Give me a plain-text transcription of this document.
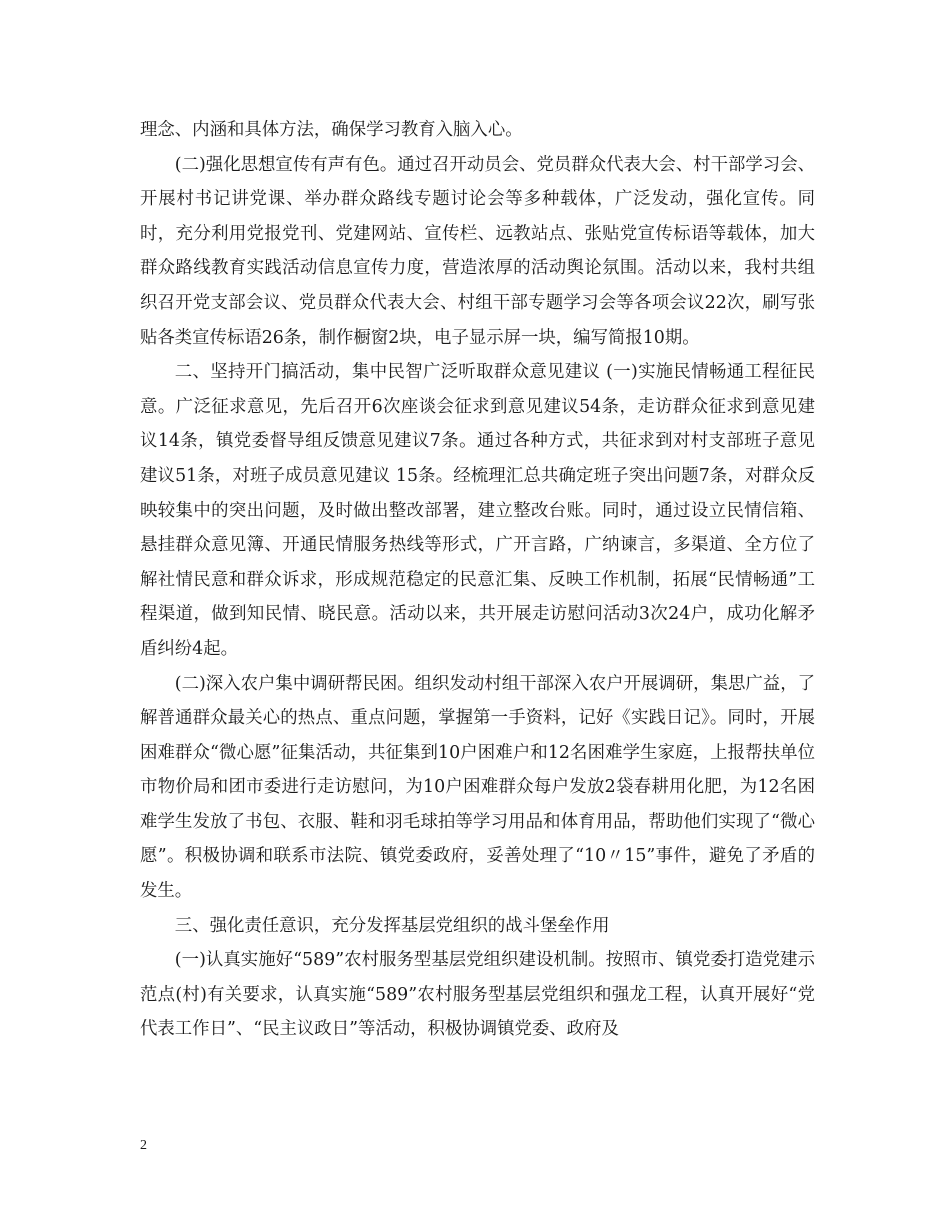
理念、内涵和具体方法，确保学习教育入脑入心。

(二)强化思想宣传有声有色。通过召开动员会、党员群众代表大会、村干部学习会、开展村书记讲党课、举办群众路线专题讨论会等多种载体，广泛发动，强化宣传。同时，充分利用党报党刊、党建网站、宣传栏、远教站点、张贴党宣传标语等载体，加大群众路线教育实践活动信息宣传力度，营造浓厚的活动舆论氛围。活动以来，我村共组织召开党支部会议、党员群众代表大会、村组干部专题学习会等各项会议22次，刷写张贴各类宣传标语26条，制作橱窗2块，电子显示屏一块，编写简报10期。

二、坚持开门搞活动，集中民智广泛听取群众意见建议 (一)实施民情畅通工程征民意。广泛征求意见，先后召开6次座谈会征求到意见建议54条，走访群众征求到意见建议14条，镇党委督导组反馈意见建议7条。通过各种方式，共征求到对村支部班子意见建议51条，对班子成员意见建议 15条。经梳理汇总共确定班子突出问题7条，对群众反映较集中的突出问题，及时做出整改部署，建立整改台账。同时，通过设立民情信箱、悬挂群众意见簿、开通民情服务热线等形式，广开言路，广纳谏言，多渠道、全方位了解社情民意和群众诉求，形成规范稳定的民意汇集、反映工作机制，拓展“民情畅通”工程渠道，做到知民情、晓民意。活动以来，共开展走访慰问活动3次24户，成功化解矛盾纠纷4起。

(二)深入农户集中调研帮民困。组织发动村组干部深入农户开展调研，集思广益，了解普通群众最关心的热点、重点问题，掌握第一手资料，记好《实践日记》。同时，开展困难群众“微心愿”征集活动，共征集到10户困难户和12名困难学生家庭，上报帮扶单位市物价局和团市委进行走访慰问，为10户困难群众每户发放2袋春耕用化肥，为12名困难学生发放了书包、衣服、鞋和羽毛球拍等学习用品和体育用品，帮助他们实现了“微心愿”。积极协调和联系市法院、镇党委政府，妥善处理了“10〃15”事件，避免了矛盾的发生。

三、强化责任意识，充分发挥基层党组织的战斗堡垒作用

(一)认真实施好“589”农村服务型基层党组织建设机制。按照市、镇党委打造党建示范点(村)有关要求，认真实施“589”农村服务型基层党组织和强龙工程，认真开展好“党代表工作日”、“民主议政日”等活动，积极协调镇党委、政府及

2
